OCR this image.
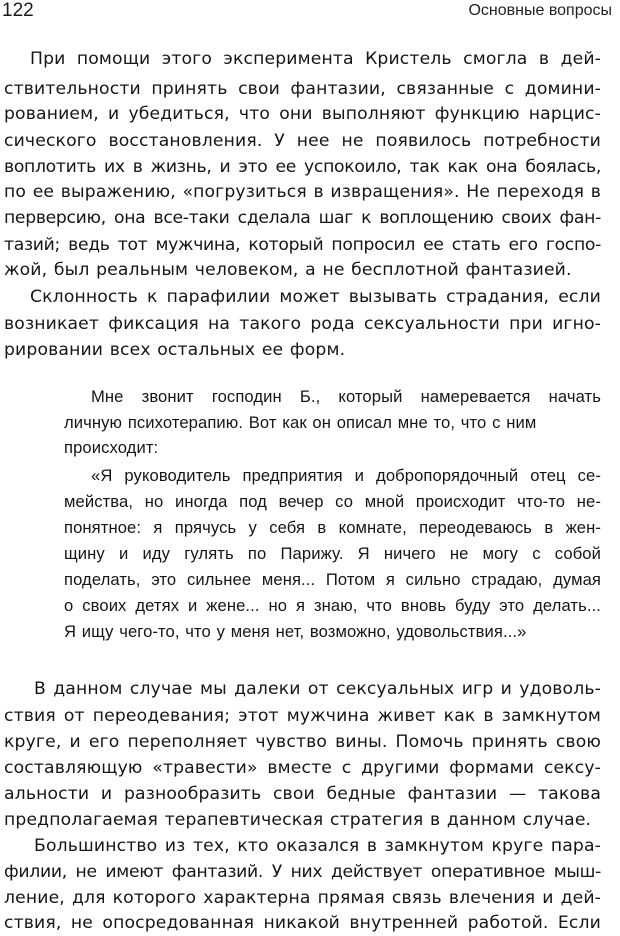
122	Основные вопросы
При помощи этого эксперимента Кристель смогла в дей-
ствительности принять свои фантазии, связанные с домини-
рованием, и убедиться, что они выполняют функцию нарцис-
сического восстановления. У нее не появилось потребности
воплотить их в жизнь, и это ее успокоило, так как она боялась,
по ее выражению, «погрузиться в извращения». Не переходя в
перверсию, она все-таки сделала шаг к воплощению своих фан-
тазий; ведь тот мужчина, который попросил ее стать его госпо-
жой, был реальным человеком, а не бесплотной фантазией.
Склонность к парафилии может вызывать страдания, если
возникает фиксация на такого рода сексуальности при игно-
рировании всех остальных ее форм.
Мне звонит господин Б., который намеревается начать
личную психотерапию. Вот как он описал мне то, что с ним
происходит:
«Я руководитель предприятия и добропорядочный отец се-
мейства, но иногда под вечер со мной происходит что-то не-
понятное: я прячусь у себя в комнате, переодеваюсь в жен-
щину и иду гулять по Парижу. Я ничего не могу с собой
поделать, это сильнее меня... Потом я сильно страдаю, думая
о своих детях и жене... но я знаю, что вновь буду это делать...
Я ищу чего-то, что у меня нет, возможно, удовольствия...»
В данном случае мы далеки от сексуальных игр и удоволь-
ствия от переодевания; этот мужчина живет как в замкнутом
круге, и его переполняет чувство вины. Помочь принять свою
составляющую «травести» вместе с другими формами сексу-
альности и разнообразить свои бедные фантазии — такова
предполагаемая терапевтическая стратегия в данном случае.
Большинство из тех, кто оказался в замкнутом круге пара-
филии, не имеют фантазий. У них действует оперативное мыш-
ление, для которого характерна прямая связь влечения и дей-
ствия, не опосредованная никакой внутренней работой. Если
